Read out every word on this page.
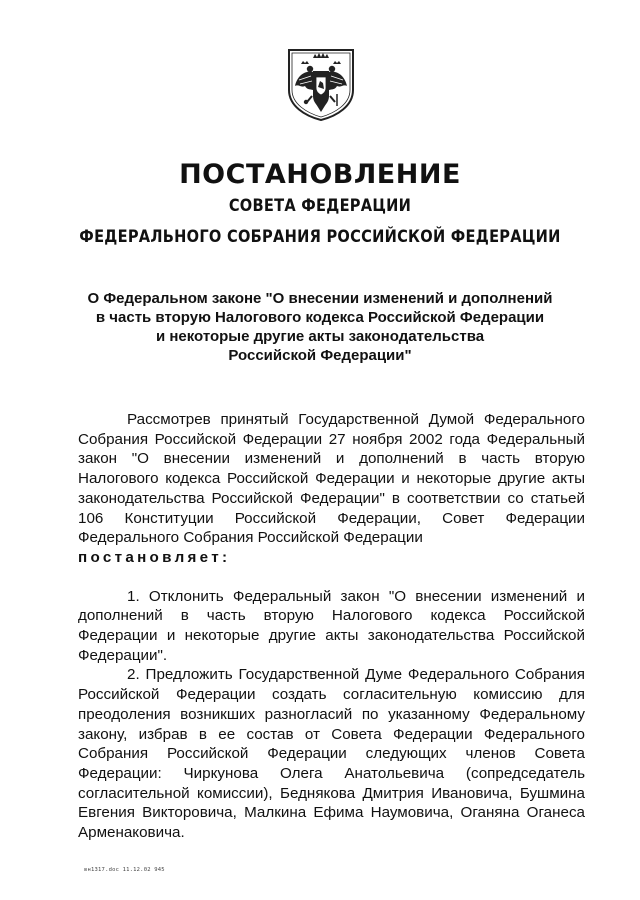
ПОСТАНОВЛЕНИЕ
СОВЕТА ФЕДЕРАЦИИ
ФЕДЕРАЛЬНОГО СОБРАНИЯ РОССИЙСКОЙ ФЕДЕРАЦИИ
О Федеральном законе "О внесении изменений и дополнений
в часть вторую Налогового кодекса Российской Федерации
и некоторые другие акты законодательства
Российской Федерации"

Рассмотрев принятый Государственной Думой Федерального Собрания Российской Федерации 27 ноября 2002 года Федеральный закон "О внесении изменений и дополнений в часть вторую Налогового кодекса Российской Федерации и некоторые другие акты законодательства Российской Федерации" в соответствии со статьей 106 Конституции Российской Федерации, Совет Федерации Федерального Собрания Российской Федерации

постановляет:

1. Отклонить Федеральный закон "О внесении изменений и дополнений в часть вторую Налогового кодекса Российской Федерации и некоторые другие акты законодательства Российской Федерации".

2. Предложить Государственной Думе Федерального Собрания Российской Федерации создать согласительную комиссию для преодоления возникших разногласий по указанному Федеральному закону, избрав в ее состав от Совета Федерации Федерального Собрания Российской Федерации следующих членов Совета Федерации: Чиркунова Олега Анатольевича (сопредседатель согласительной комиссии), Беднякова Дмитрия Ивановича, Бушмина Евгения Викторовича, Малкина Ефима Наумовича, Оганяна Оганеса Арменаковича.

вн1317.doc 11.12.02 945
